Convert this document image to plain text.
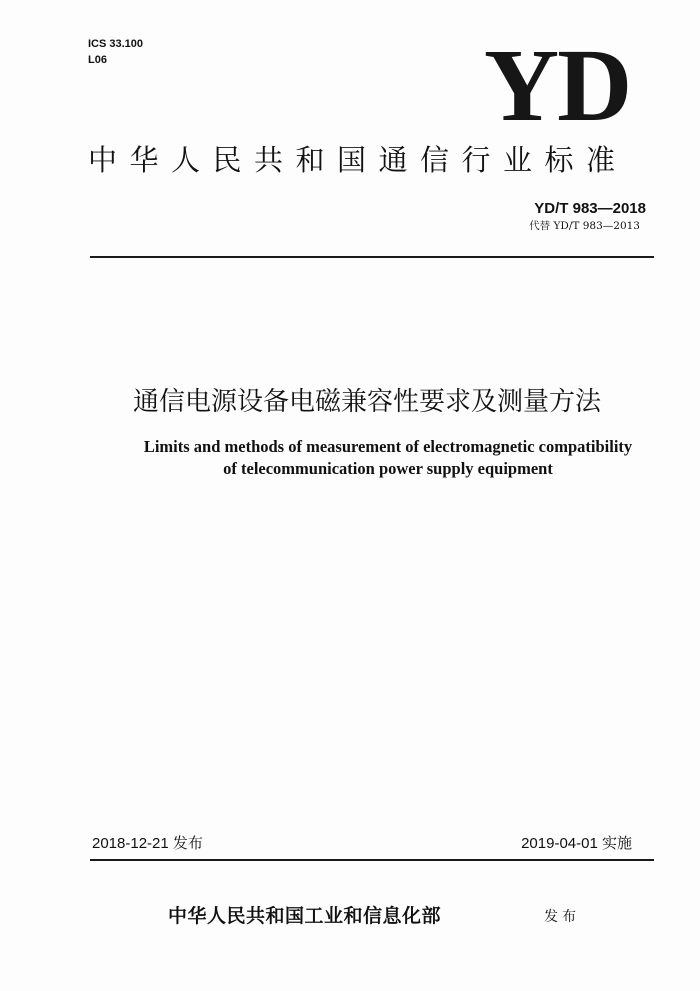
ICS 33.100
L06	YD
中华人民共和国通信行业标准
YD/T 983—2018
代替 YD/T 983—2013
通信电源设备电磁兼容性要求及测量方法
Limits and methods of measurement of electromagnetic compatibility
of telecommunication power supply equipment
2018-12-21 发布	2019-04-01 实施
中华人民共和国工业和信息化部	发布
